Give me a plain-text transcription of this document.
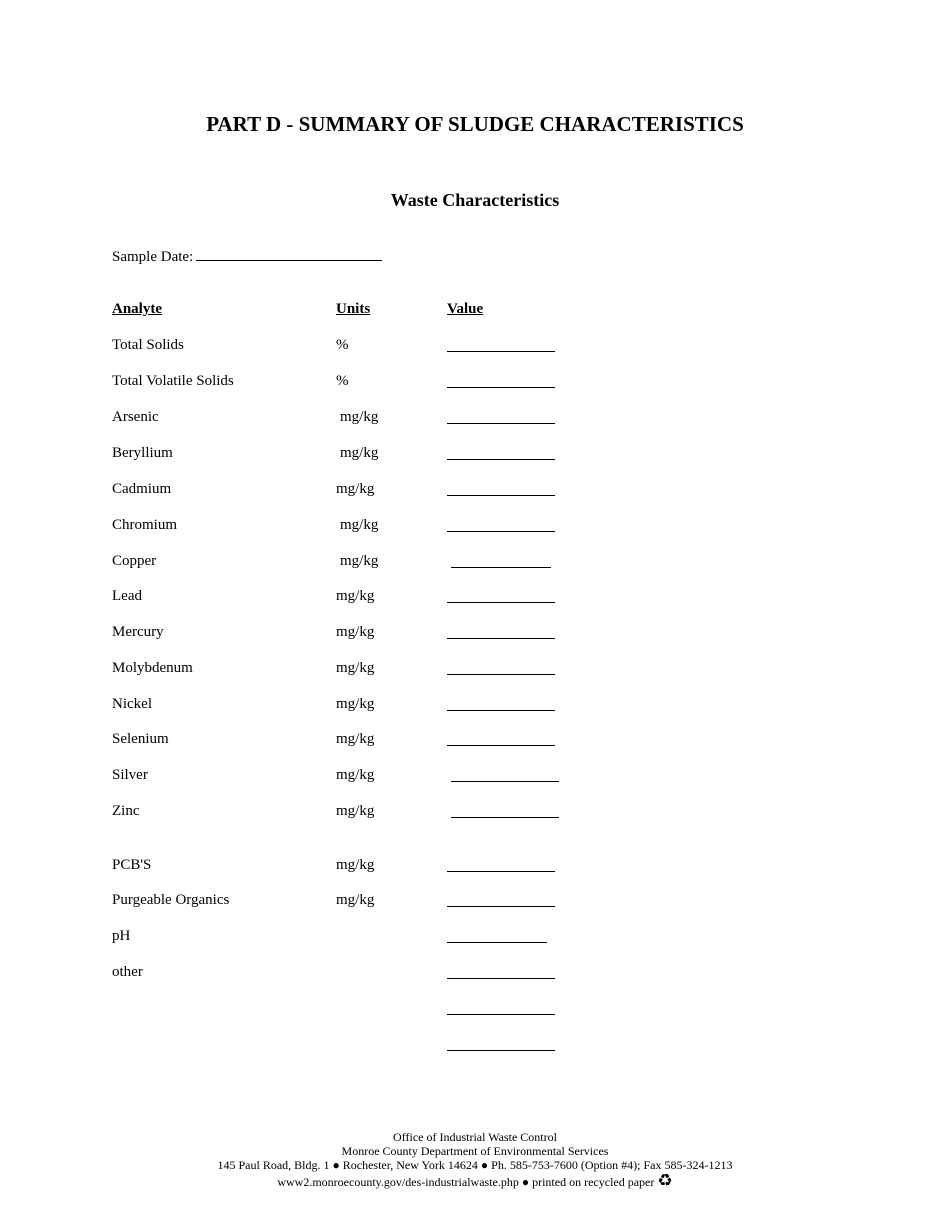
PART D - SUMMARY OF SLUDGE CHARACTERISTICS
Waste Characteristics
Sample Date:
Analyte	Units	Value
Total Solids	%
Total Volatile Solids	%
Arsenic	mg/kg
Beryllium	mg/kg
Cadmium	mg/kg
Chromium	mg/kg
Copper	mg/kg
Lead	mg/kg
Mercury	mg/kg
Molybdenum	mg/kg
Nickel	mg/kg
Selenium	mg/kg
Silver	mg/kg
Zinc	mg/kg
PCB'S	mg/kg
Purgeable Organics	mg/kg
pH
other
Office of Industrial Waste Control
Monroe County Department of Environmental Services
145 Paul Road, Bldg. 1 ● Rochester, New York 14624 ● Ph. 585-753-7600 (Option #4); Fax 585-324-1213
www2.monroecounty.gov/des-industrialwaste.php ● printed on recycled paper ♻
